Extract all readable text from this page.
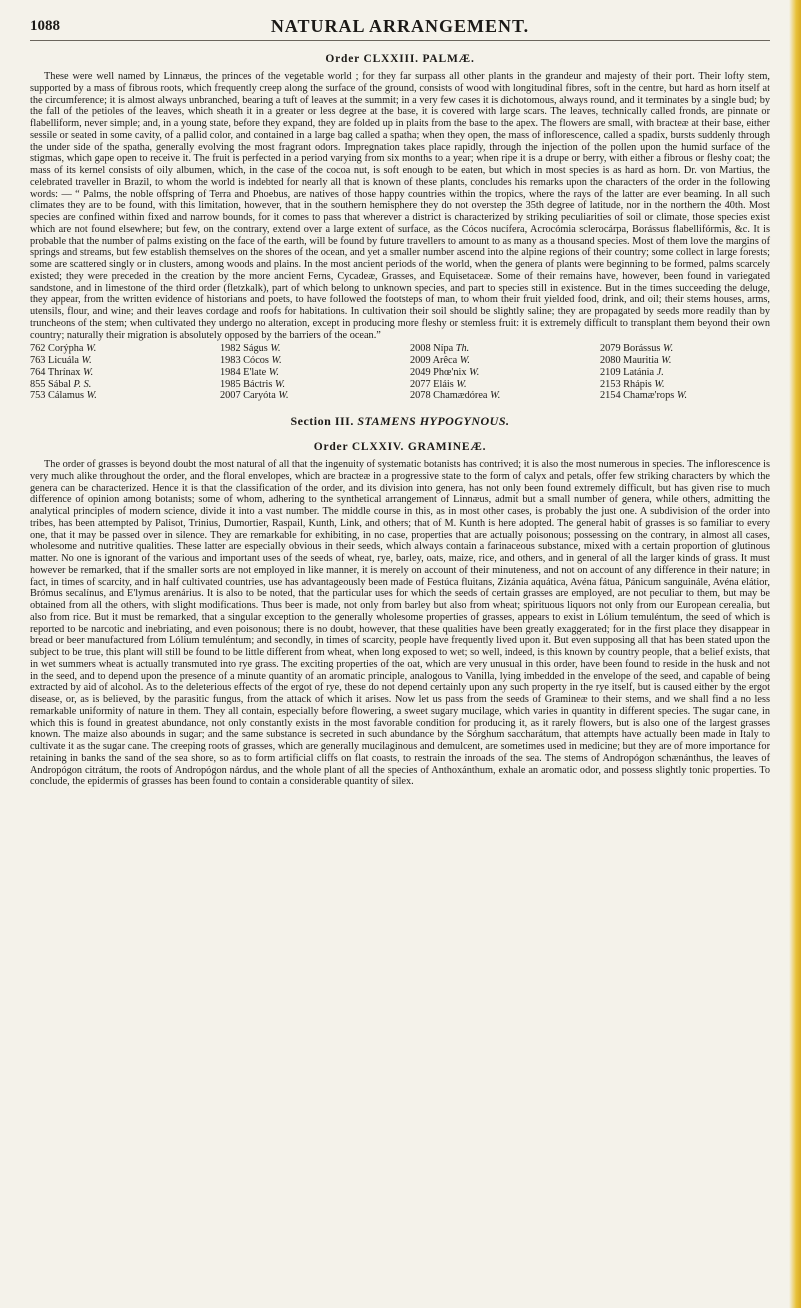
1088	NATURAL ARRANGEMENT.
Order CLXXIII. PALMÆ.

These were well named by Linnæus, the princes of the vegetable world ; for they far surpass all other plants in the grandeur and majesty of their port. Their lofty stem, supported by a mass of fibrous roots, which frequently creep along the surface of the ground, consists of wood with longitudinal fibres, soft in the centre, but hard as horn itself at the circumference; it is almost always unbranched, bearing a tuft of leaves at the summit; in a very few cases it is dichotomous, always round, and it terminates by a single bud; by the fall of the petioles of the leaves, which sheath it in a greater or less degree at the base, it is covered with large scars. The leaves, technically called fronds, are pinnate or flabelliform, never simple; and, in a young state, before they expand, they are folded up in plaits from the base to the apex. The flowers are small, with bracteæ at their base, either sessile or seated in some cavity, of a pallid color, and contained in a large bag called a spatha; when they open, the mass of inflorescence, called a spadix, bursts suddenly through the under side of the spatha, generally evolving the most fragrant odors. Impregnation takes place rapidly, through the injection of the pollen upon the humid surface of the stigmas, which gape open to receive it. The fruit is perfected in a period varying from six months to a year; when ripe it is a drupe or berry, with either a fibrous or fleshy coat; the mass of its kernel consists of oily albumen, which, in the case of the cocoa nut, is soft enough to be eaten, but which in most species is as hard as horn. Dr. von Martius, the celebrated traveller in Brazil, to whom the world is indebted for nearly all that is known of these plants, concludes his remarks upon the characters of the order in the following words: — “ Palms, the noble offspring of Terra and Phoebus, are natives of those happy countries within the tropics, where the rays of the latter are ever beaming. In all such climates they are to be found, with this limitation, however, that in the southern hemisphere they do not overstep the 35th degree of latitude, nor in the northern the 40th. Most species are confined within fixed and narrow bounds, for it comes to pass that wherever a district is characterized by striking peculiarities of soil or climate, those species exist which are not found elsewhere; but few, on the contrary, extend over a large extent of surface, as the Cócos nucífera, Acrocómia sclerocárpa, Borássus flabellifórmis, &c. It is probable that the number of palms existing on the face of the earth, will be found by future travellers to amount to as many as a thousand species. Most of them love the margins of springs and streams, but few establish themselves on the shores of the ocean, and yet a smaller number ascend into the alpine regions of their country; some collect in large forests; some are scattered singly or in clusters, among woods and plains. In the most ancient periods of the world, when the genera of plants were beginning to be formed, palms scarcely existed; they were preceded in the creation by the more ancient Ferns, Cycadeæ, Grasses, and Equisetaceæ. Some of their remains have, however, been found in variegated sandstone, and in limestone of the third order (fletzkalk), part of which belong to unknown species, and part to species still in existence. But in the times succeeding the deluge, they appear, from the written evidence of historians and poets, to have followed the footsteps of man, to whom their fruit yielded food, drink, and oil; their stems houses, arms, utensils, flour, and wine; and their leaves cordage and roofs for habitations. In cultivation their soil should be slightly saline; they are propagated by seeds more readily than by truncheons of the stem; when cultivated they undergo no alteration, except in producing more fleshy or stemless fruit: it is extremely difficult to transplant them beyond their own country; naturally their migration is absolutely opposed by the barriers of the ocean.”

762 Corýpha W.	1982 Ságus W.	2008 Nípa Th.	2079 Borássus W.
763 Licuála W.	1983 Cócos W.	2009 Arêca W.	2080 Mauritia W.
764 Thrínax W.	1984 E'late W.	2049 Phœ'nix W.	2109 Latánia J.
855 Sábal P. S.	1985 Báctris W.	2077 Eláis W.	2153 Rhápis W.
753 Cálamus W.	2007 Caryóta W.	2078 Chamædórea W.	2154 Chamæ'rops W.
Section III. STAMENS HYPOGYNOUS.
Order CLXXIV. GRAMINEÆ.

The order of grasses is beyond doubt the most natural of all that the ingenuity of systematic botanists has contrived; it is also the most numerous in species. The inflorescence is very much alike throughout the order, and the floral envelopes, which are bracteæ in a progressive state to the form of calyx and petals, offer few striking characters by which the genera can be characterized. Hence it is that the classification of the order, and its division into genera, has not only been found extremely difficult, but has given rise to much difference of opinion among botanists; some of whom, adhering to the synthetical arrangement of Linnæus, admit but a small number of genera, while others, admitting the analytical principles of modern science, divide it into a vast number. The middle course in this, as in most other cases, is probably the just one. A subdivision of the order into tribes, has been attempted by Palisot, Trinius, Dumortier, Raspail, Kunth, Link, and others; that of M. Kunth is here adopted. The general habit of grasses is so familiar to every one, that it may be passed over in silence. They are remarkable for exhibiting, in no case, properties that are actually poisonous; possessing on the contrary, in almost all cases, wholesome and nutritive qualities. These latter are especially obvious in their seeds, which always contain a farinaceous substance, mixed with a certain proportion of glutinous matter. No one is ignorant of the various and important uses of the seeds of wheat, rye, barley, oats, maize, rice, and others, and in general of all the larger kinds of grass. It must however be remarked, that if the smaller sorts are not employed in like manner, it is merely on account of their minuteness, and not on account of any difference in their nature; in fact, in times of scarcity, and in half cultivated countries, use has advantageously been made of Festúca fluitans, Zizánia aquática, Avéna fátua, Pánicum sanguinále, Avéna elátior, Brómus secalínus, and E'lymus arenárius. It is also to be noted, that the particular uses for which the seeds of certain grasses are employed, are not peculiar to them, but may be obtained from all the others, with slight modifications. Thus beer is made, not only from barley but also from wheat; spirituous liquors not only from our European cerealia, but also from rice. But it must be remarked, that a singular exception to the generally wholesome properties of grasses, appears to exist in Lólium temuléntum, the seed of which is reported to be narcotic and inebriating, and even poisonous; there is no doubt, however, that these qualities have been greatly exaggerated; for in the first place they disappear in bread or beer manufactured from Lólium temuléntum; and secondly, in times of scarcity, people have frequently lived upon it. But even supposing all that has been stated upon the subject to be true, this plant will still be found to be little different from wheat, when long exposed to wet; so well, indeed, is this known by country people, that a belief exists, that in wet summers wheat is actually transmuted into rye grass. The exciting properties of the oat, which are very unusual in this order, have been found to reside in the husk and not in the seed, and to depend upon the presence of a minute quantity of an aromatic principle, analogous to Vanilla, lying imbedded in the envelope of the seed, and capable of being extracted by aid of alcohol. As to the deleterious effects of the ergot of rye, these do not depend certainly upon any such property in the rye itself, but is caused either by the ergot disease, or, as is believed, by the parasitic fungus, from the attack of which it arises. Now let us pass from the seeds of Gramineæ to their stems, and we shall find a no less remarkable uniformity of nature in them. They all contain, especially before flowering, a sweet sugary mucilage, which varies in quantity in different species. The sugar cane, in which this is found in greatest abundance, not only constantly exists in the most favorable condition for producing it, as it rarely flowers, but is also one of the largest grasses known. The maize also abounds in sugar; and the same substance is secreted in such abundance by the Sórghum saccharátum, that attempts have actually been made in Italy to cultivate it as the sugar cane. The creeping roots of grasses, which are generally mucilaginous and demulcent, are sometimes used in medicine; but they are of more importance for retaining in banks the sand of the sea shore, so as to form artificial cliffs on flat coasts, to restrain the inroads of the sea. The stems of Andropógon schænánthus, the leaves of Andropógon citrátum, the roots of Andropógon nárdus, and the whole plant of all the species of Anthoxánthum, exhale an aromatic odor, and possess slightly tonic properties. To conclude, the epidermis of grasses has been found to contain a considerable quantity of silex.
